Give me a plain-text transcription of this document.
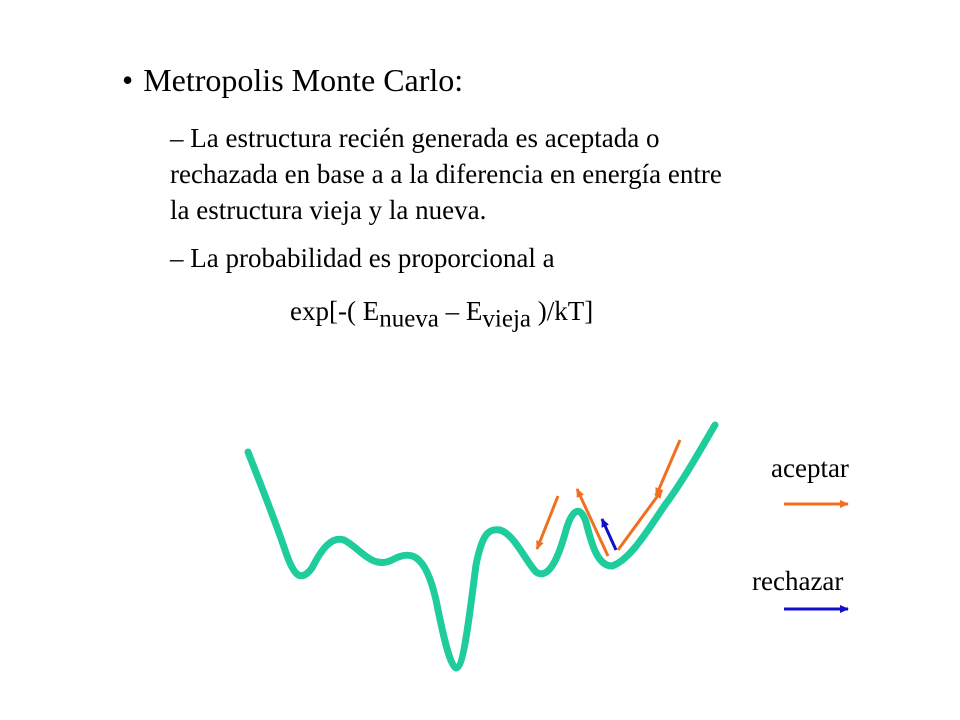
• Metropolis Monte Carlo:
– La estructura recién generada es aceptada o
rechazada en base a a la diferencia en energía entre
la estructura vieja y la nueva.
– La probabilidad es proporcional a
exp[-( $E_{nueva} - E_{vieja}$ )/kT]
aceptar
rechazar
